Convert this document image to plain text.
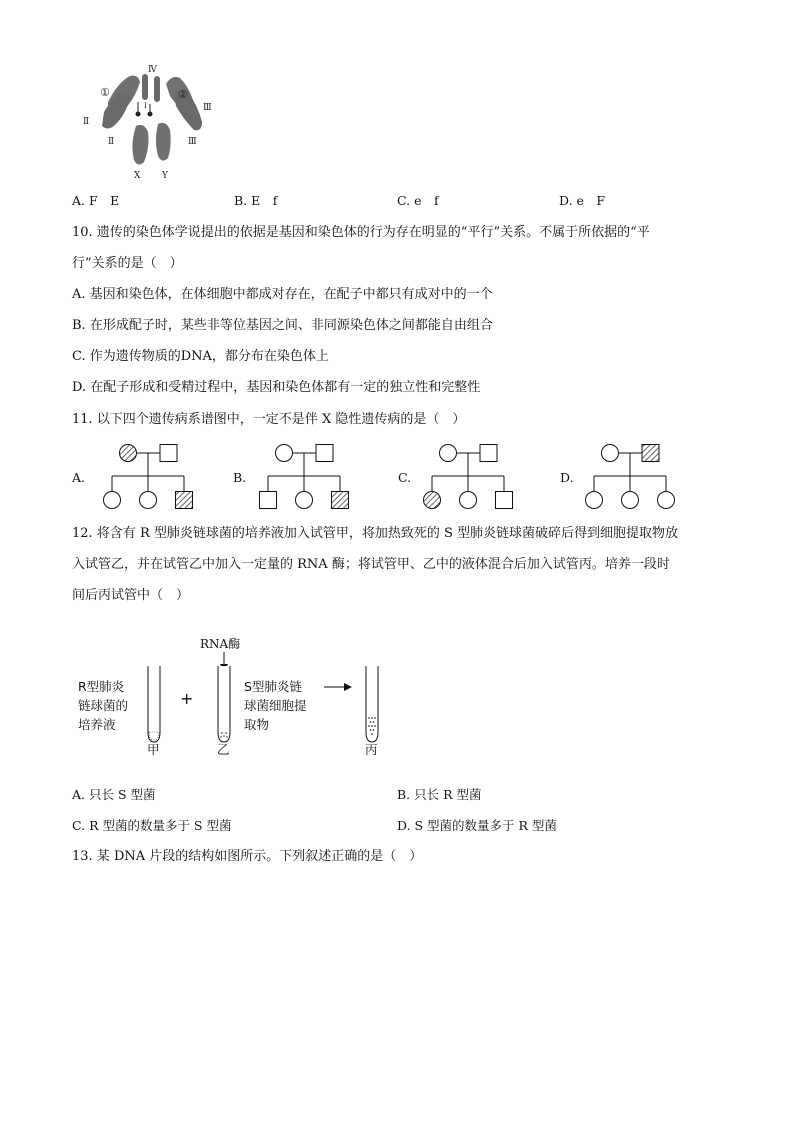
①	②
Ⅰ
Ⅱ
Ⅲ
Ⅳ
Ⅱ	Ⅲ
X Y
A. F　E	B. E　f	C. e　f	D. e　F
10. 遗传的染色体学说提出的依据是基因和染色体的行为存在明显的“平行”关系。不属于所依据的“平
行”关系的是（　）
A. 基因和染色体，在体细胞中都成对存在，在配子中都只有成对中的一个
B. 在形成配子时，某些非等位基因之间、非同源染色体之间都能自由组合
C. 作为遗传物质的DNA，都分布在染色体上
D. 在配子形成和受精过程中，基因和染色体都有一定的独立性和完整性
11. 以下四个遗传病系谱图中，一定不是伴 X 隐性遗传病的是（　）
A.	B.	C.	D.
12. 将含有 R 型肺炎链球菌的培养液加入试管甲，将加热致死的 S 型肺炎链球菌破碎后得到细胞提取物放
入试管乙，并在试管乙中加入一定量的 RNA 酶；将试管甲、乙中的液体混合后加入试管丙。培养一段时
间后丙试管中（　）
RNA酶
R型肺炎
链球菌的
培养液
甲
+
乙
S型肺炎链
球菌细胞提
取物
丙
A. 只长 S 型菌	B. 只长 R 型菌
C. R 型菌的数量多于 S 型菌	D. S 型菌的数量多于 R 型菌
13. 某 DNA 片段的结构如图所示。下列叙述正确的是（　）
